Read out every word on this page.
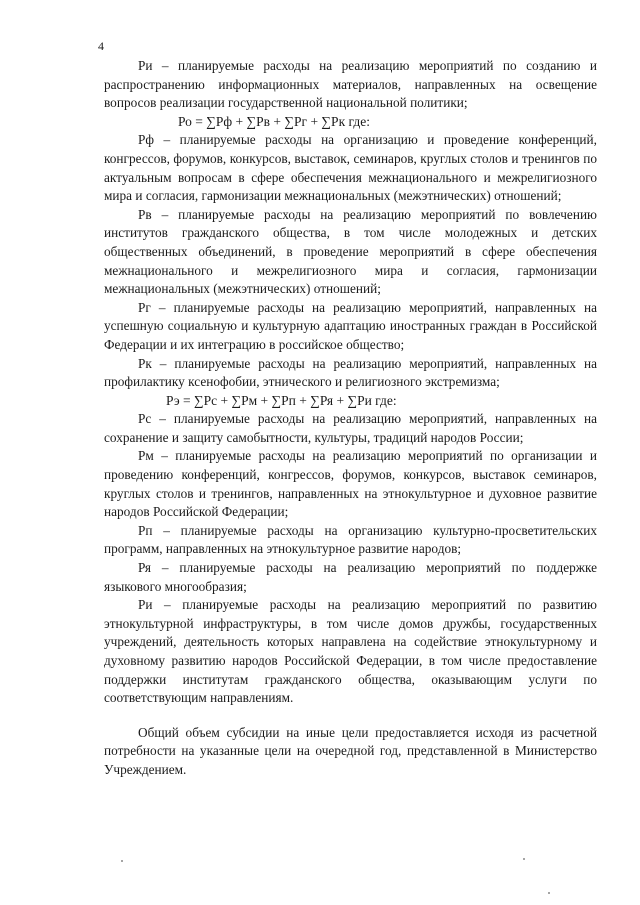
4

Ри – планируемые расходы на реализацию мероприятий по созданию и распространению информационных материалов, направленных на освещение вопросов реализации государственной национальной политики;

Ро = ∑Рф + ∑Рв + ∑Рг + ∑Рк где:

Рф – планируемые расходы на организацию и проведение конференций, конгрессов, форумов, конкурсов, выставок, семинаров, круглых столов и тренингов по актуальным вопросам в сфере обеспечения межнационального и межрелигиозного мира и согласия, гармонизации межнациональных (межэтнических) отношений;

Рв – планируемые расходы на реализацию мероприятий по вовлечению институтов гражданского общества, в том числе молодежных и детских общественных объединений, в проведение мероприятий в сфере обеспечения межнационального и межрелигиозного мира и согласия, гармонизации межнациональных (межэтнических) отношений;

Рг – планируемые расходы на реализацию мероприятий, направленных на успешную социальную и культурную адаптацию иностранных граждан в Российской Федерации и их интеграцию в российское общество;

Рк – планируемые расходы на реализацию мероприятий, направленных на профилактику ксенофобии, этнического и религиозного экстремизма;

Рэ = ∑Рс + ∑Рм + ∑Рп + ∑Ря + ∑Ри где:

Рс – планируемые расходы на реализацию мероприятий, направленных на сохранение и защиту самобытности, культуры, традиций народов России;

Рм – планируемые расходы на реализацию мероприятий по организации и проведению конференций, конгрессов, форумов, конкурсов, выставок семинаров, круглых столов и тренингов, направленных на этнокультурное и духовное развитие народов Российской Федерации;

Рп – планируемые расходы на организацию культурно-просветительских программ, направленных на этнокультурное развитие народов;

Ря – планируемые расходы на реализацию мероприятий по поддержке языкового многообразия;

Ри – планируемые расходы на реализацию мероприятий по развитию этнокультурной инфраструктуры, в том числе домов дружбы, государственных учреждений, деятельность которых направлена на содействие этнокультурному и духовному развитию народов Российской Федерации, в том числе предоставление поддержки институтам гражданского общества, оказывающим услуги по соответствующим направлениям.

Общий объем субсидии на иные цели предоставляется исходя из расчетной потребности на указанные цели на очередной год, представленной в Министерство Учреждением.
